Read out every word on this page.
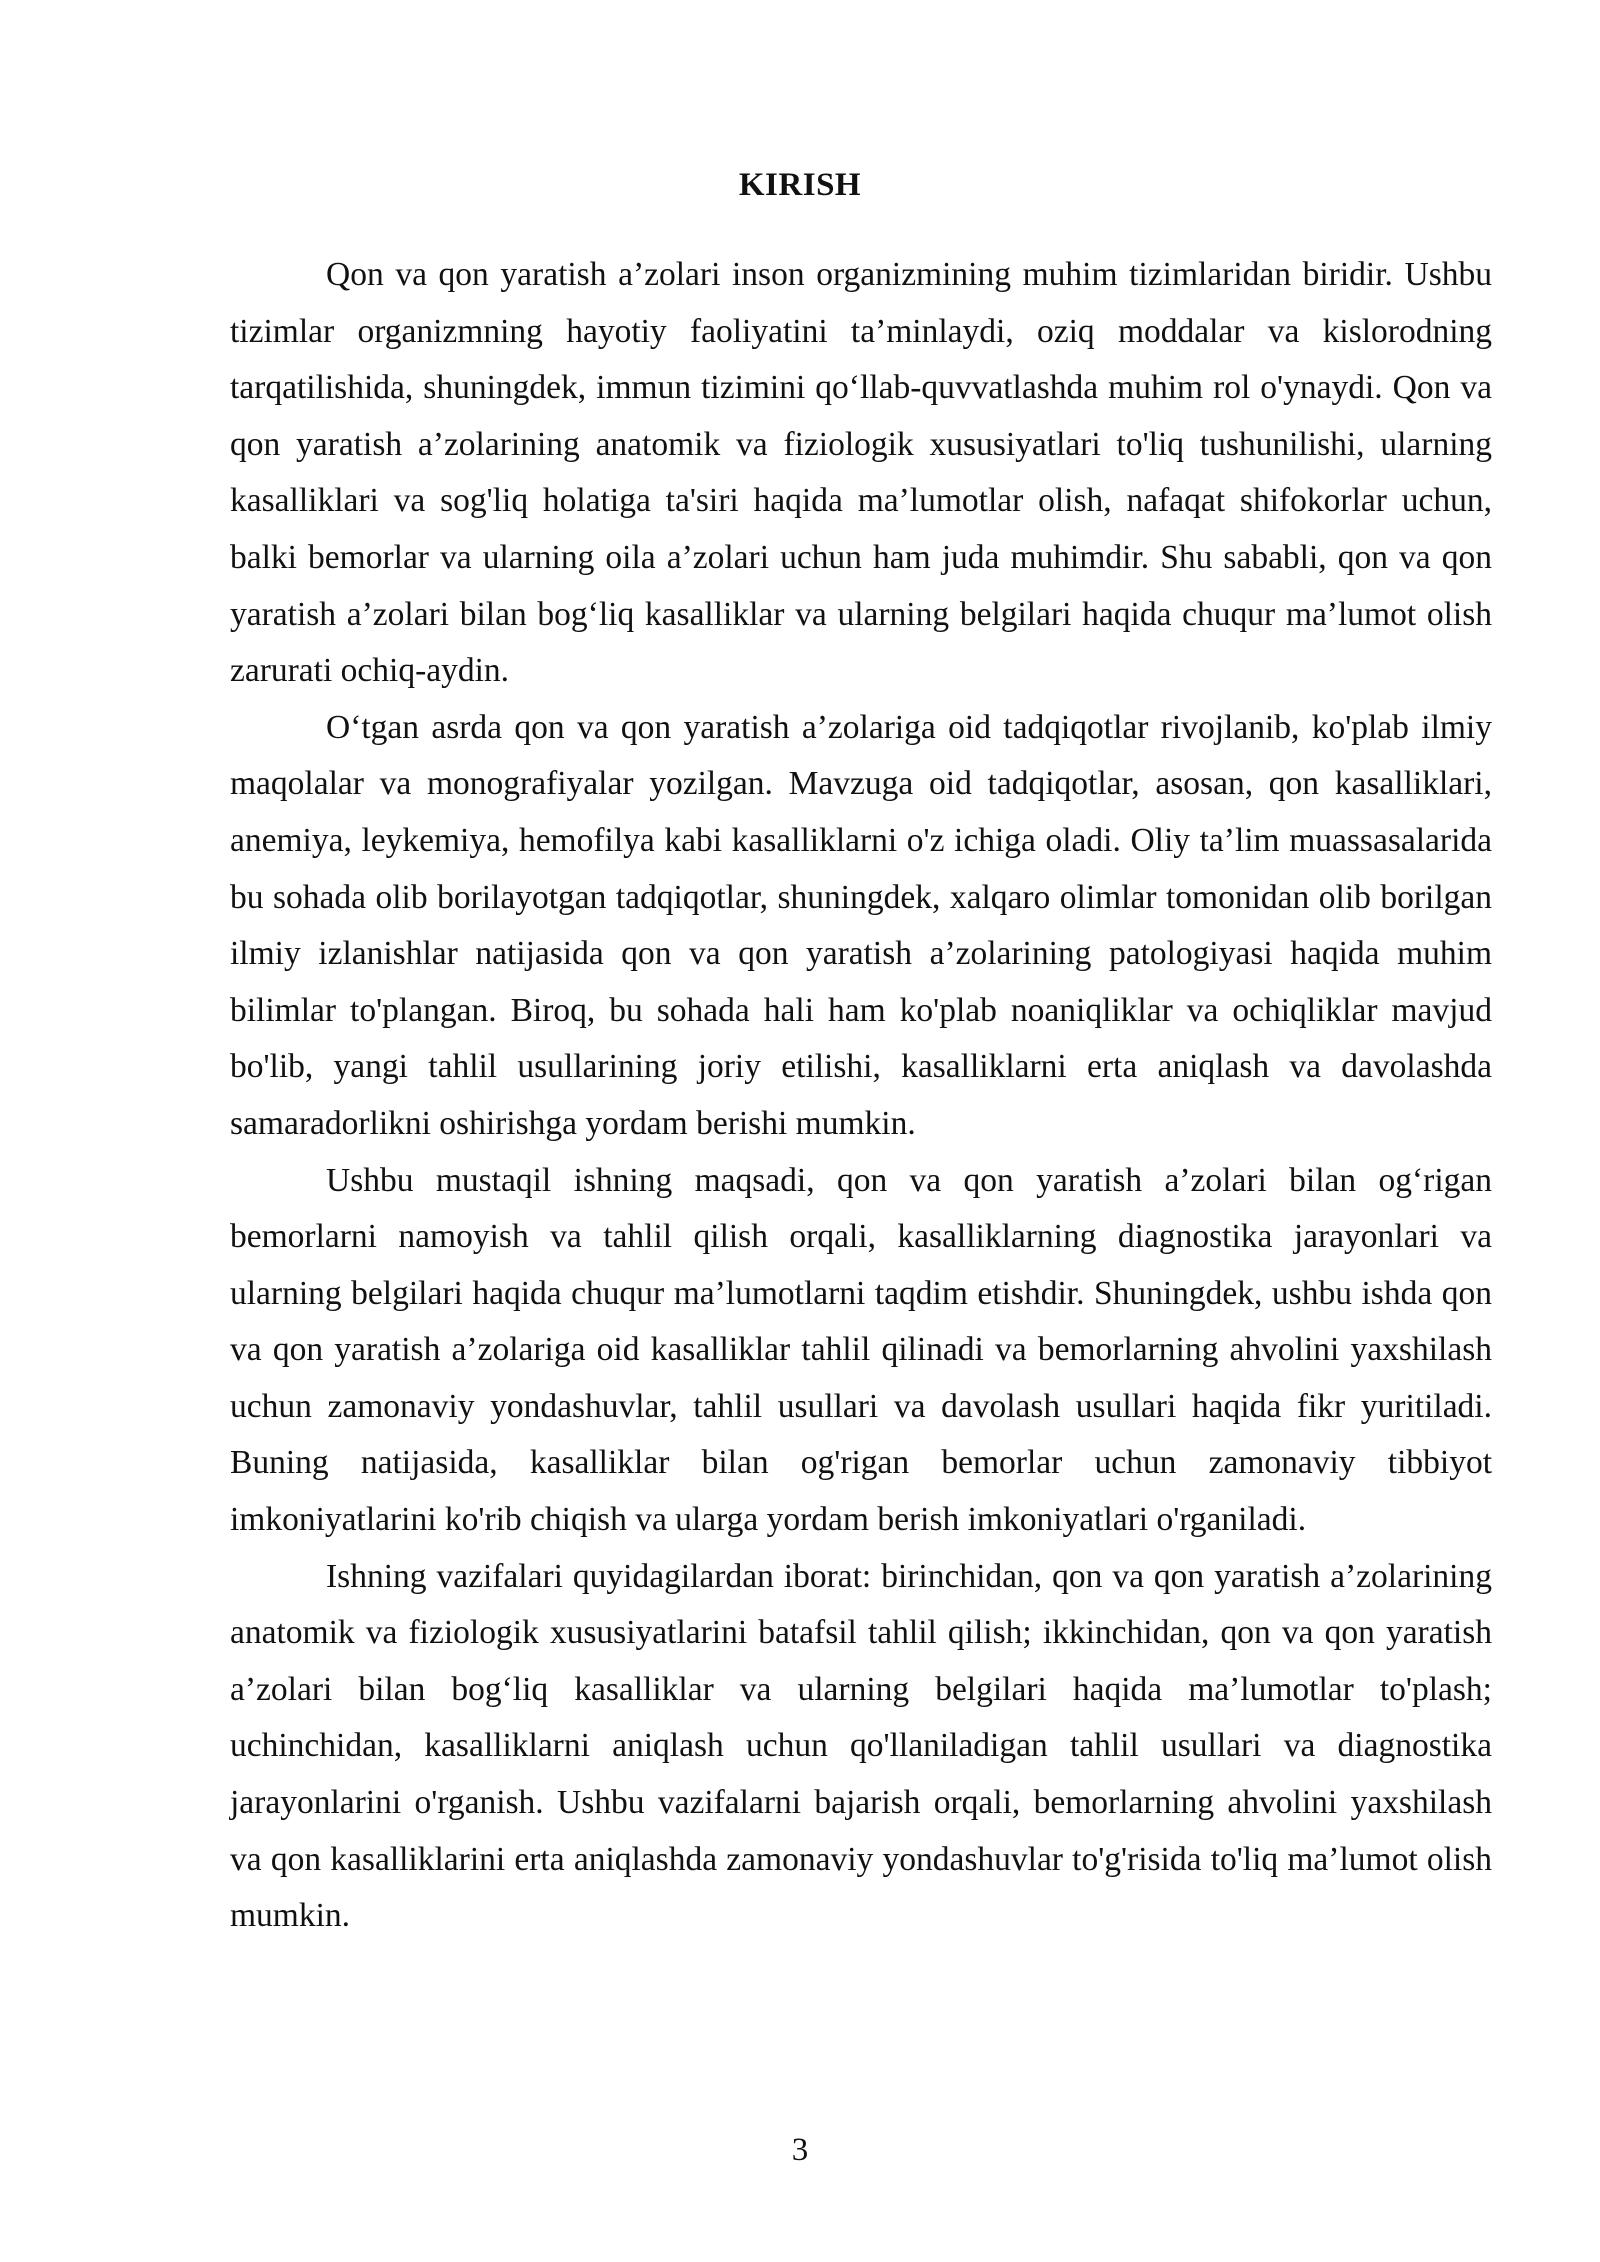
KIRISH

Qon va qon yaratish a’zolari inson organizmining muhim tizimlaridan biridir. Ushbu tizimlar organizmning hayotiy faoliyatini ta’minlaydi, oziq moddalar va kislorodning tarqatilishida, shuningdek, immun tizimini qo‘llab-quvvatlashda muhim rol o'ynaydi. Qon va qon yaratish a’zolarining anatomik va fiziologik xususiyatlari to'liq tushunilishi, ularning kasalliklari va sog'liq holatiga ta'siri haqida ma’lumotlar olish, nafaqat shifokorlar uchun, balki bemorlar va ularning oila a’zolari uchun ham juda muhimdir. Shu sababli, qon va qon yaratish a’zolari bilan bog‘liq kasalliklar va ularning belgilari haqida chuqur ma’lumot olish zarurati ochiq-aydin.

O‘tgan asrda qon va qon yaratish a’zolariga oid tadqiqotlar rivojlanib, ko'plab ilmiy maqolalar va monografiyalar yozilgan. Mavzuga oid tadqiqotlar, asosan, qon kasalliklari, anemiya, leykemiya, hemofilya kabi kasalliklarni o'z ichiga oladi. Oliy ta’lim muassasalarida bu sohada olib borilayotgan tadqiqotlar, shuningdek, xalqaro olimlar tomonidan olib borilgan ilmiy izlanishlar natijasida qon va qon yaratish a’zolarining patologiyasi haqida muhim bilimlar to'plangan. Biroq, bu sohada hali ham ko'plab noaniqliklar va ochiqliklar mavjud bo'lib, yangi tahlil usullarining joriy etilishi, kasalliklarni erta aniqlash va davolashda samaradorlikni oshirishga yordam berishi mumkin.

Ushbu mustaqil ishning maqsadi, qon va qon yaratish a’zolari bilan og‘rigan bemorlarni namoyish va tahlil qilish orqali, kasalliklarning diagnostika jarayonlari va ularning belgilari haqida chuqur ma’lumotlarni taqdim etishdir. Shuningdek, ushbu ishda qon va qon yaratish a’zolariga oid kasalliklar tahlil qilinadi va bemorlarning ahvolini yaxshilash uchun zamonaviy yondashuvlar, tahlil usullari va davolash usullari haqida fikr yuritiladi. Buning natijasida, kasalliklar bilan og'rigan bemorlar uchun zamonaviy tibbiyot imkoniyatlarini ko'rib chiqish va ularga yordam berish imkoniyatlari o'rganiladi.

Ishning vazifalari quyidagilardan iborat: birinchidan, qon va qon yaratish a’zolarining anatomik va fiziologik xususiyatlarini batafsil tahlil qilish; ikkinchidan, qon va qon yaratish a’zolari bilan bog‘liq kasalliklar va ularning belgilari haqida ma’lumotlar to'plash; uchinchidan, kasalliklarni aniqlash uchun qo'llaniladigan tahlil usullari va diagnostika jarayonlarini o'rganish. Ushbu vazifalarni bajarish orqali, bemorlarning ahvolini yaxshilash va qon kasalliklarini erta aniqlashda zamonaviy yondashuvlar to'g'risida to'liq ma’lumot olish mumkin.

3
